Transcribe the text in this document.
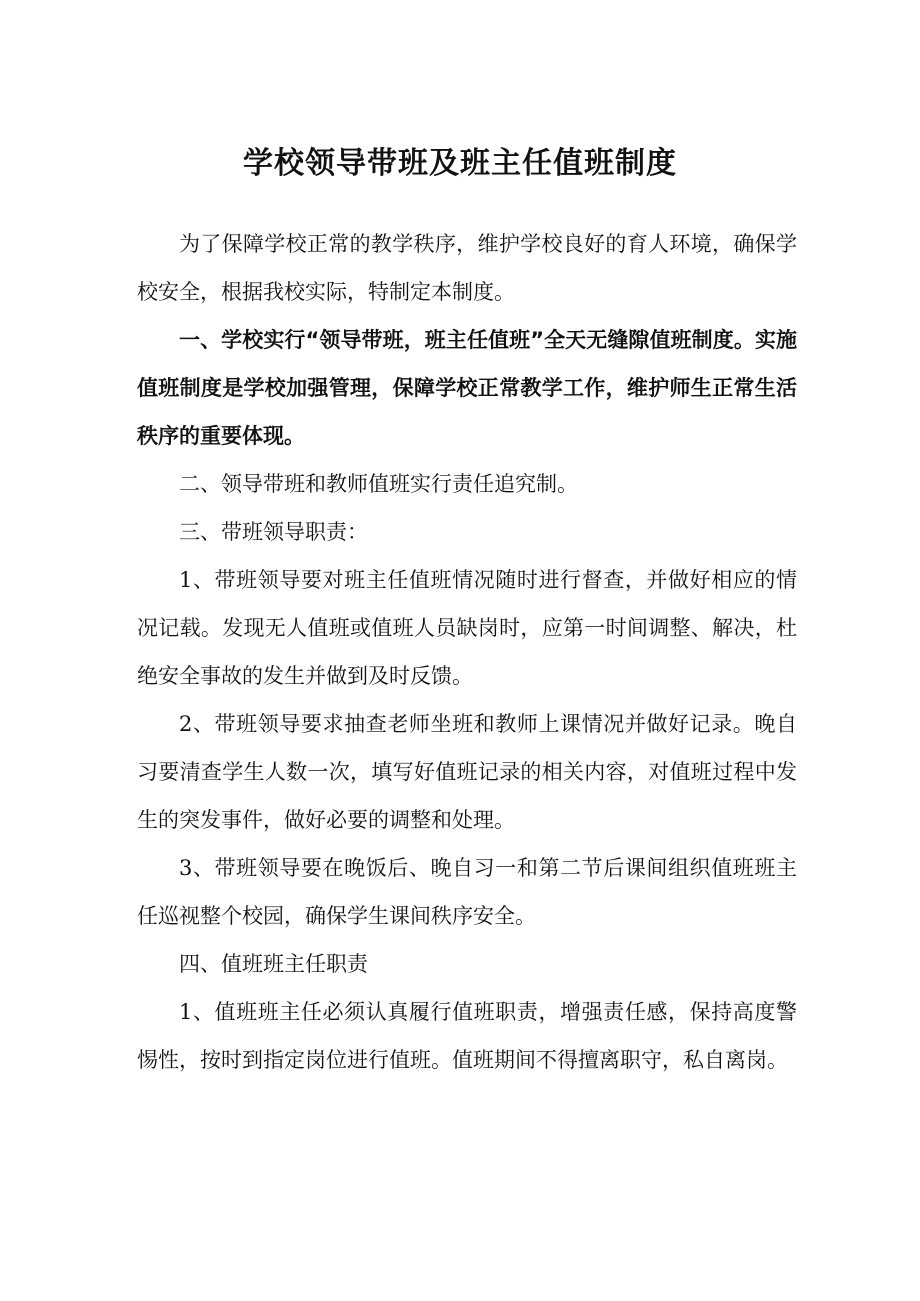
学校领导带班及班主任值班制度

为了保障学校正常的教学秩序，维护学校良好的育人环境，确保学校安全，根据我校实际，特制定本制度。

一、学校实行“领导带班，班主任值班”全天无缝隙值班制度。实施值班制度是学校加强管理，保障学校正常教学工作，维护师生正常生活秩序的重要体现。

二、领导带班和教师值班实行责任追究制。

三、带班领导职责：

1、带班领导要对班主任值班情况随时进行督查，并做好相应的情况记载。发现无人值班或值班人员缺岗时，应第一时间调整、解决，杜绝安全事故的发生并做到及时反馈。

2、带班领导要求抽查老师坐班和教师上课情况并做好记录。晚自习要清查学生人数一次，填写好值班记录的相关内容，对值班过程中发生的突发事件，做好必要的调整和处理。

3、带班领导要在晚饭后、晚自习一和第二节后课间组织值班班主任巡视整个校园，确保学生课间秩序安全。

四、值班班主任职责

1、值班班主任必须认真履行值班职责，增强责任感，保持高度警惕性，按时到指定岗位进行值班。值班期间不得擅离职守，私自离岗。
